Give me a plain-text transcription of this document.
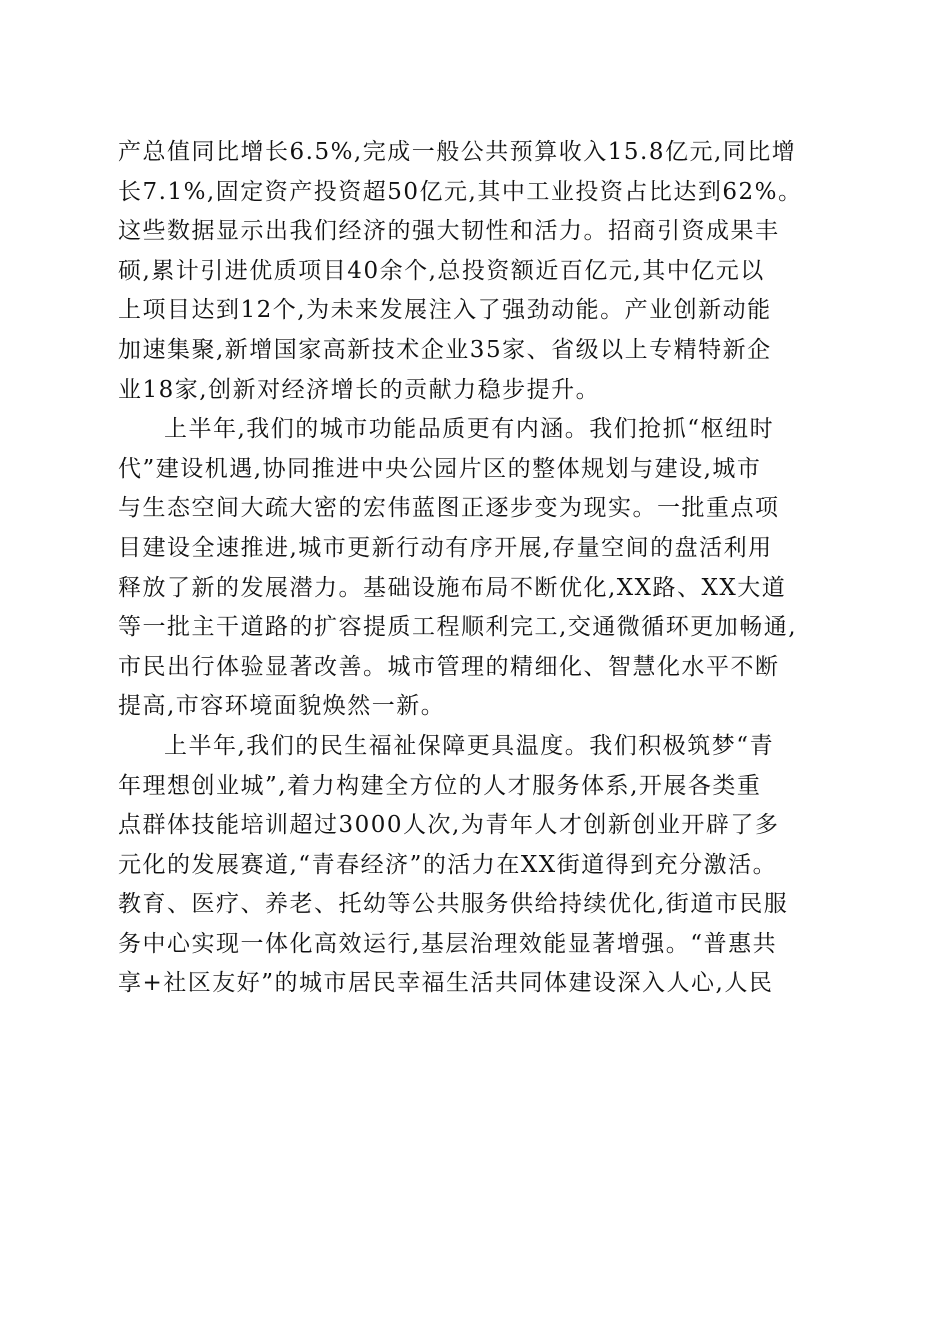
产总值同比增长6.5%,完成一般公共预算收入15.8亿元,同比增
长7.1%,固定资产投资超50亿元,其中工业投资占比达到62%。
这些数据显示出我们经济的强大韧性和活力。招商引资成果丰
硕,累计引进优质项目40余个,总投资额近百亿元,其中亿元以
上项目达到12个,为未来发展注入了强劲动能。产业创新动能
加速集聚,新增国家高新技术企业35家、省级以上专精特新企
业18家,创新对经济增长的贡献力稳步提升。
上半年,我们的城市功能品质更有内涵。我们抢抓“枢纽时
代”建设机遇,协同推进中央公园片区的整体规划与建设,城市
与生态空间大疏大密的宏伟蓝图正逐步变为现实。一批重点项
目建设全速推进,城市更新行动有序开展,存量空间的盘活利用
释放了新的发展潜力。基础设施布局不断优化,XX路、XX大道
等一批主干道路的扩容提质工程顺利完工,交通微循环更加畅通,
市民出行体验显著改善。城市管理的精细化、智慧化水平不断
提高,市容环境面貌焕然一新。
上半年,我们的民生福祉保障更具温度。我们积极筑梦“青
年理想创业城”,着力构建全方位的人才服务体系,开展各类重
点群体技能培训超过3000人次,为青年人才创新创业开辟了多
元化的发展赛道,“青春经济”的活力在XX街道得到充分激活。
教育、医疗、养老、托幼等公共服务供给持续优化,街道市民服
务中心实现一体化高效运行,基层治理效能显著增强。“普惠共
享+社区友好”的城市居民幸福生活共同体建设深入人心,人民
